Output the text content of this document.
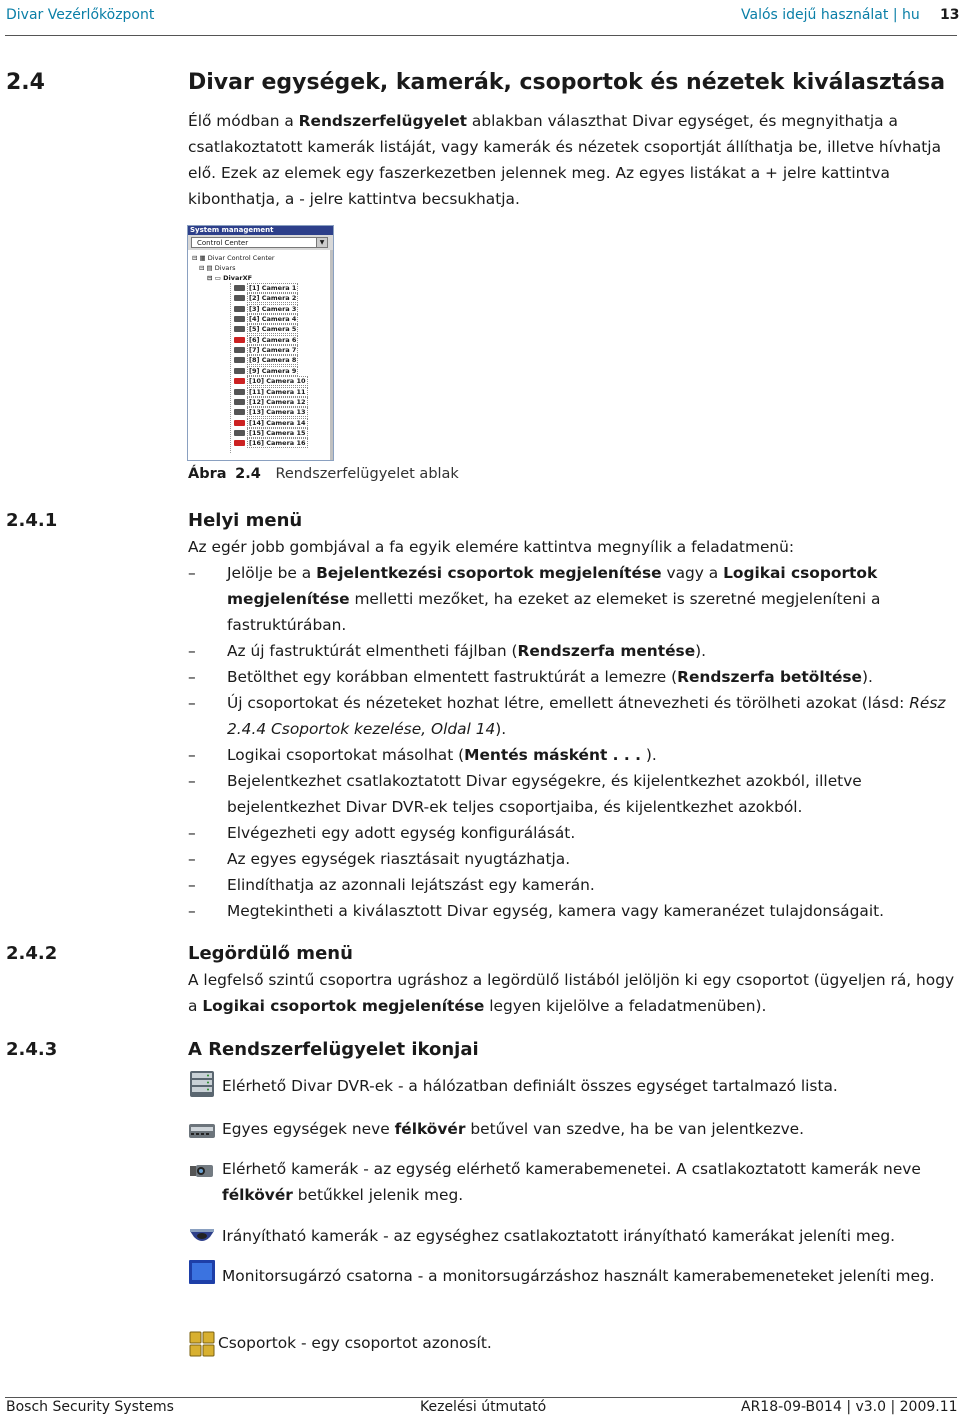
Divar Vezérlőközpont	Valós idejű használat | hu 13
2.4	Divar egységek, kamerák, csoportok és nézetek kiválasztása
Élő módban a Rendszerfelügyelet ablakban választhat Divar egységet, és megnyithatja a csatlakoztatott kamerák listáját, vagy kamerák és nézetek csoportját állíthatja be, illetve hívhatja elő. Ezek az elemek egy faszerkezetben jelennek meg. Az egyes listákat a + jelre kattintva kibonthatja, a - jelre kattintva becsukhatja.
System management
Control Center	▼
⊟ ▦ Divar Control Center
⊟ ▤ Divars
⊟ ▭ DivarXF
[1] Camera 1
[2] Camera 2
[3] Camera 3
[4] Camera 4
[5] Camera 5
[6] Camera 6
[7] Camera 7
[8] Camera 8
[9] Camera 9
[10] Camera 10
[11] Camera 11
[12] Camera 12
[13] Camera 13
[14] Camera 14
[15] Camera 15
[16] Camera 16
Ábra 2.4 Rendszerfelügyelet ablak
2.4.1	Helyi menü
Az egér jobb gombjával a fa egyik elemére kattintva megnyílik a feladatmenü:
– Jelölje be a Bejelentkezési csoportok megjelenítése vagy a Logikai csoportok megjelenítése melletti mezőket, ha ezeket az elemeket is szeretné megjeleníteni a fastruktúrában.
– Az új fastruktúrát elmentheti fájlban (Rendszerfa mentése).
– Betölthet egy korábban elmentett fastruktúrát a lemezre (Rendszerfa betöltése).
– Új csoportokat és nézeteket hozhat létre, emellett átnevezheti és törölheti azokat (lásd: Rész 2.4.4 Csoportok kezelése, Oldal 14).
– Logikai csoportokat másolhat (Mentés másként . . . ).
– Bejelentkezhet csatlakoztatott Divar egységekre, és kijelentkezhet azokból, illetve bejelentkezhet Divar DVR-ek teljes csoportjaiba, és kijelentkezhet azokból.
– Elvégezheti egy adott egység konfigurálását.
– Az egyes egységek riasztásait nyugtázhatja.
– Elindíthatja az azonnali lejátszást egy kamerán.
– Megtekintheti a kiválasztott Divar egység, kamera vagy kameranézet tulajdonságait.
2.4.2	Legördülő menü
A legfelső szintű csoportra ugráshoz a legördülő listából jelöljön ki egy csoportot (ügyeljen rá, hogy a Logikai csoportok megjelenítése legyen kijelölve a feladatmenüben).
2.4.3	A Rendszerfelügyelet ikonjai
Elérhető Divar DVR-ek - a hálózatban definiált összes egységet tartalmazó lista.
Egyes egységek neve félkövér betűvel van szedve, ha be van jelentkezve.
Elérhető kamerák - az egység elérhető kamerabemenetei. A csatlakoztatott kamerák neve félkövér betűkkel jelenik meg.
Irányítható kamerák - az egységhez csatlakoztatott irányítható kamerákat jeleníti meg.
Monitorsugárzó csatorna - a monitorsugárzáshoz használt kamerabemeneteket jeleníti meg.
Csoportok - egy csoportot azonosít.
Bosch Security Systems	Kezelési útmutató	AR18-09-B014 | v3.0 | 2009.11
